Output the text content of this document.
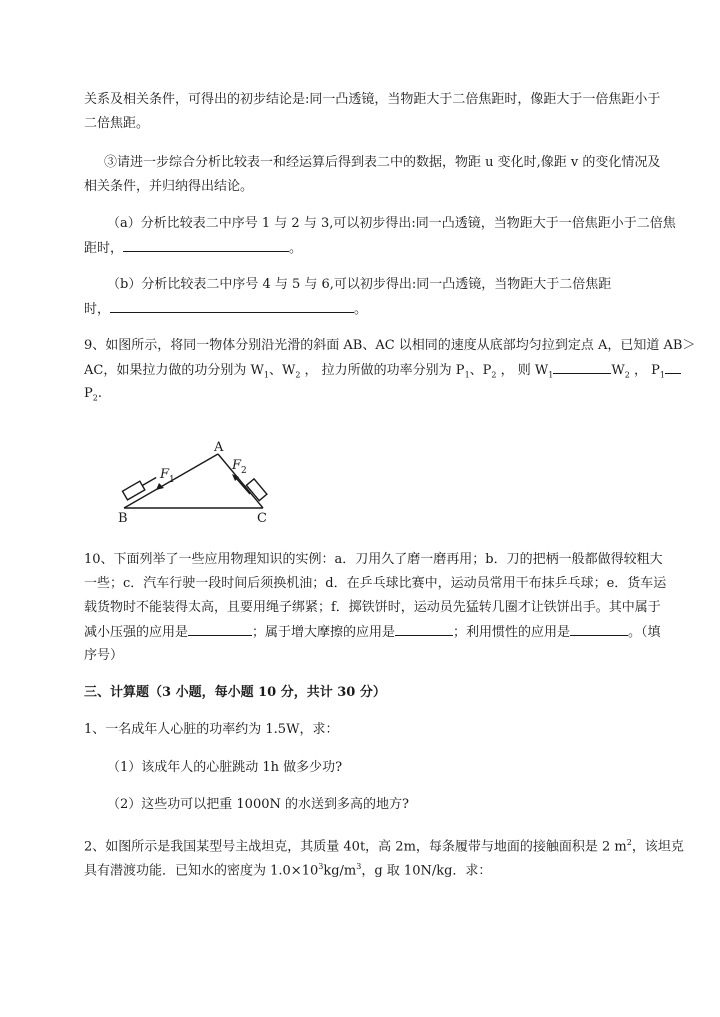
关系及相关条件，可得出的初步结论是:同一凸透镜，当物距大于二倍焦距时，像距大于一倍焦距小于
二倍焦距。
③请进一步综合分析比较表一和经运算后得到表二中的数据，物距 u 变化时,像距 v 的变化情况及
相关条件，并归纳得出结论。
（a）分析比较表二中序号 1 与 2 与 3,可以初步得出:同一凸透镜，当物距大于一倍焦距小于二倍焦
距时，	。
（b）分析比较表二中序号 4 与 5 与 6,可以初步得出:同一凸透镜，当物距大于二倍焦距
时，	。
9、如图所示，将同一物体分别沿光滑的斜面 AB、AC 以相同的速度从底部均匀拉到定点 A，已知道 AB＞
AC，如果拉力做的功分别为 $W_1$、$W_2$ ， 拉力所做的功率分别为 $P_1$、$P_2$ ， 则 $W_1$	$W_2$ ， $P_1$
$P_2$.
A
B	C
F 1
F 2
10、下面列举了一些应用物理知识的实例：a．刀用久了磨一磨再用；b．刀的把柄一般都做得较粗大
一些；c．汽车行驶一段时间后须换机油；d．在乒乓球比赛中，运动员常用干布抹乒乓球；e．货车运
载货物时不能装得太高，且要用绳子绑紧；f．掷铁饼时，运动员先猛转几圈才让铁饼出手。其中属于
减小压强的应用是	；属于增大摩擦的应用是	；利用惯性的应用是	。（填
序号）
三、计算题（3 小题，每小题 10 分，共计 30 分）
1、一名成年人心脏的功率约为 1.5W，求：
（1）该成年人的心脏跳动 1h 做多少功?
（2）这些功可以把重 1000N 的水送到多高的地方?
2、如图所示是我国某型号主战坦克，其质量 40t，高 2m，每条履带与地面的接触面积是 2 $m^2$，该坦克
具有潜渡功能．已知水的密度为 $1.0\times 10^3kg/m^3$，g 取 10N/kg．求：
